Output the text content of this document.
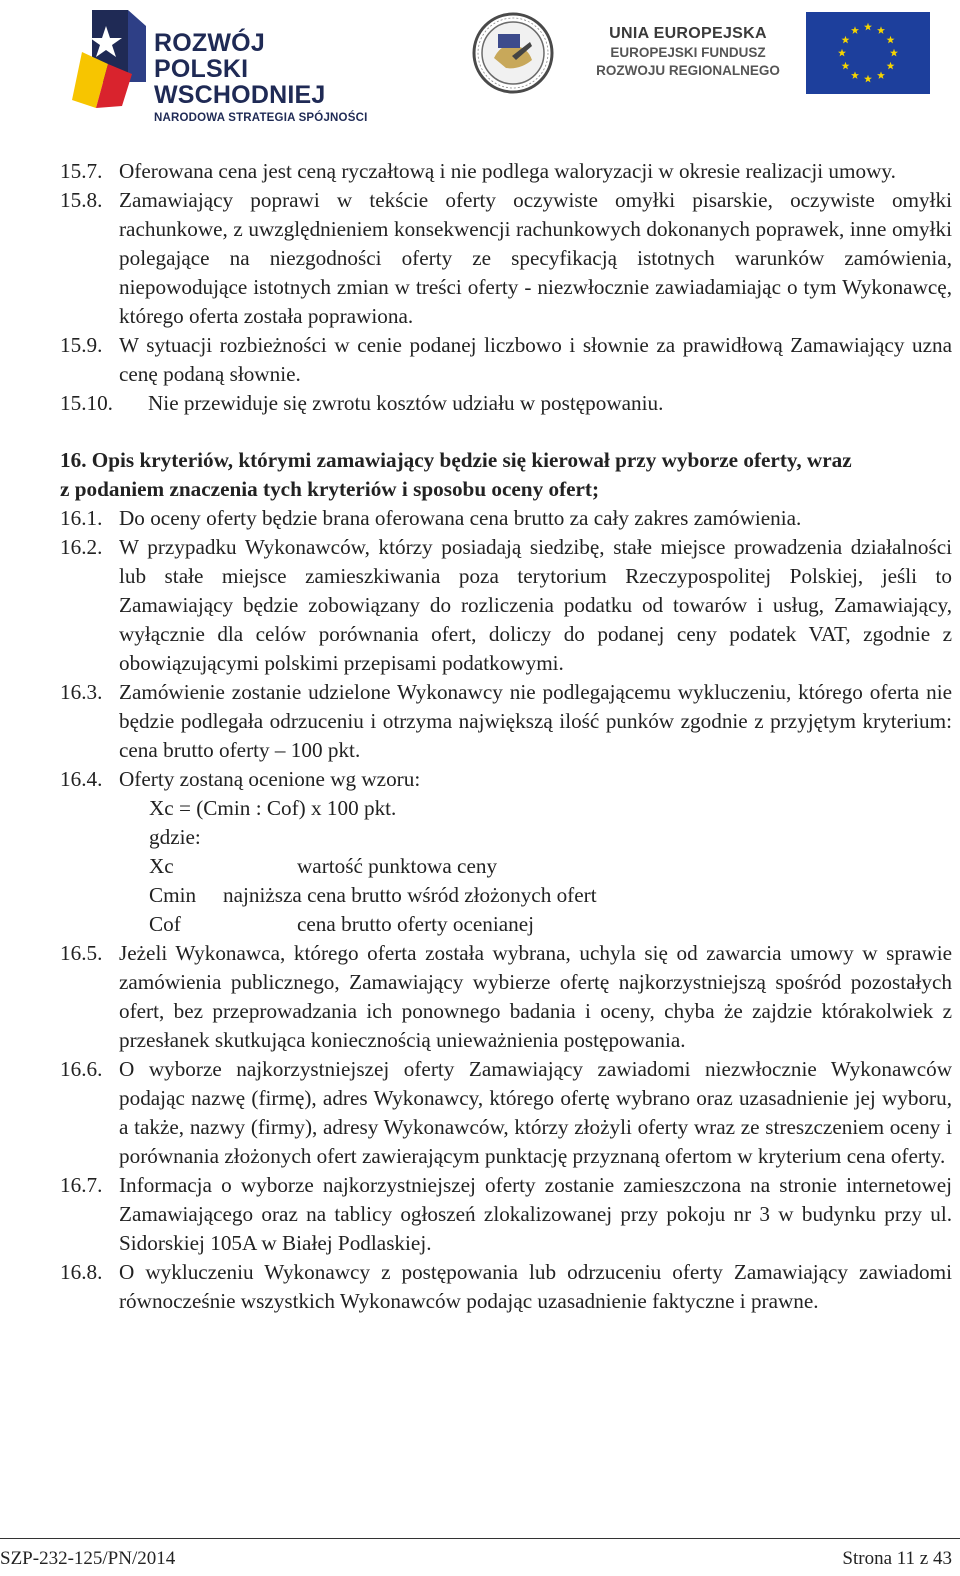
ROZWÓJ
POLSKI WSCHODNIEJ
NARODOWA STRATEGIA SPÓJNOŚCI
UNIA EUROPEJSKA
EUROPEJSKI FUNDUSZ
ROZWOJU REGIONALNEGO
15.7. Oferowana cena jest ceną ryczałtową i nie podlega waloryzacji w okresie realizacji umowy.
15.8. Zamawiający poprawi w tekście oferty oczywiste omyłki pisarskie, oczywiste omyłki rachunkowe, z uwzględnieniem konsekwencji rachunkowych dokonanych poprawek, inne omyłki polegające na niezgodności oferty ze specyfikacją istotnych warunków zamówienia, niepowodujące istotnych zmian w treści oferty - niezwłocznie zawiadamiając o tym Wykonawcę, którego oferta została poprawiona.
15.9. W sytuacji rozbieżności w cenie podanej liczbowo i słownie za prawidłową Zamawiający uzna cenę podaną słownie.
15.10.	Nie przewiduje się zwrotu kosztów udziału w postępowaniu.
16. Opis kryteriów, którymi zamawiający będzie się kierował przy wyborze oferty, wraz
z podaniem znaczenia tych kryteriów i sposobu oceny ofert;
16.1. Do oceny oferty będzie brana oferowana cena brutto za cały zakres zamówienia.
16.2. W przypadku Wykonawców, którzy posiadają siedzibę, stałe miejsce prowadzenia działalności lub stałe miejsce zamieszkiwania poza terytorium Rzeczypospolitej Polskiej, jeśli to Zamawiający będzie zobowiązany do rozliczenia podatku od towarów i usług, Zamawiający, wyłącznie dla celów porównania ofert, doliczy do podanej ceny podatek VAT, zgodnie z obowiązującymi polskimi przepisami podatkowymi.
16.3. Zamówienie zostanie udzielone Wykonawcy nie podlegającemu wykluczeniu, którego oferta nie będzie podlegała odrzuceniu i otrzyma największą ilość punków zgodnie z przyjętym kryterium: cena brutto oferty – 100 pkt.
16.4. Oferty zostaną ocenione wg wzoru:
Xc = (Cmin : Cof) x 100 pkt.
gdzie:
Xc	wartość punktowa ceny
Cmin najniższa cena brutto wśród złożonych ofert
Cof	cena brutto oferty ocenianej
16.5. Jeżeli Wykonawca, którego oferta została wybrana, uchyla się od zawarcia umowy w sprawie zamówienia publicznego, Zamawiający wybierze ofertę najkorzystniejszą spośród pozostałych ofert, bez przeprowadzania ich ponownego badania i oceny, chyba że zajdzie którakolwiek z przesłanek skutkująca koniecznością unieważnienia postępowania.
16.6. O wyborze najkorzystniejszej oferty Zamawiający zawiadomi niezwłocznie Wykonawców podając nazwę (firmę), adres Wykonawcy, którego ofertę wybrano oraz uzasadnienie jej wyboru, a także, nazwy (firmy), adresy Wykonawców, którzy złożyli oferty wraz ze streszczeniem oceny i porównania złożonych ofert zawierającym punktację przyznaną ofertom w kryterium cena oferty.
16.7. Informacja o wyborze najkorzystniejszej oferty zostanie zamieszczona na stronie internetowej Zamawiającego oraz na tablicy ogłoszeń zlokalizowanej przy pokoju nr 3 w budynku przy ul. Sidorskiej 105A w Białej Podlaskiej.
16.8. O wykluczeniu Wykonawcy z postępowania lub odrzuceniu oferty Zamawiający zawiadomi równocześnie wszystkich Wykonawców podając uzasadnienie faktyczne i prawne.
SZP-232-125/PN/2014	Strona 11 z 43
